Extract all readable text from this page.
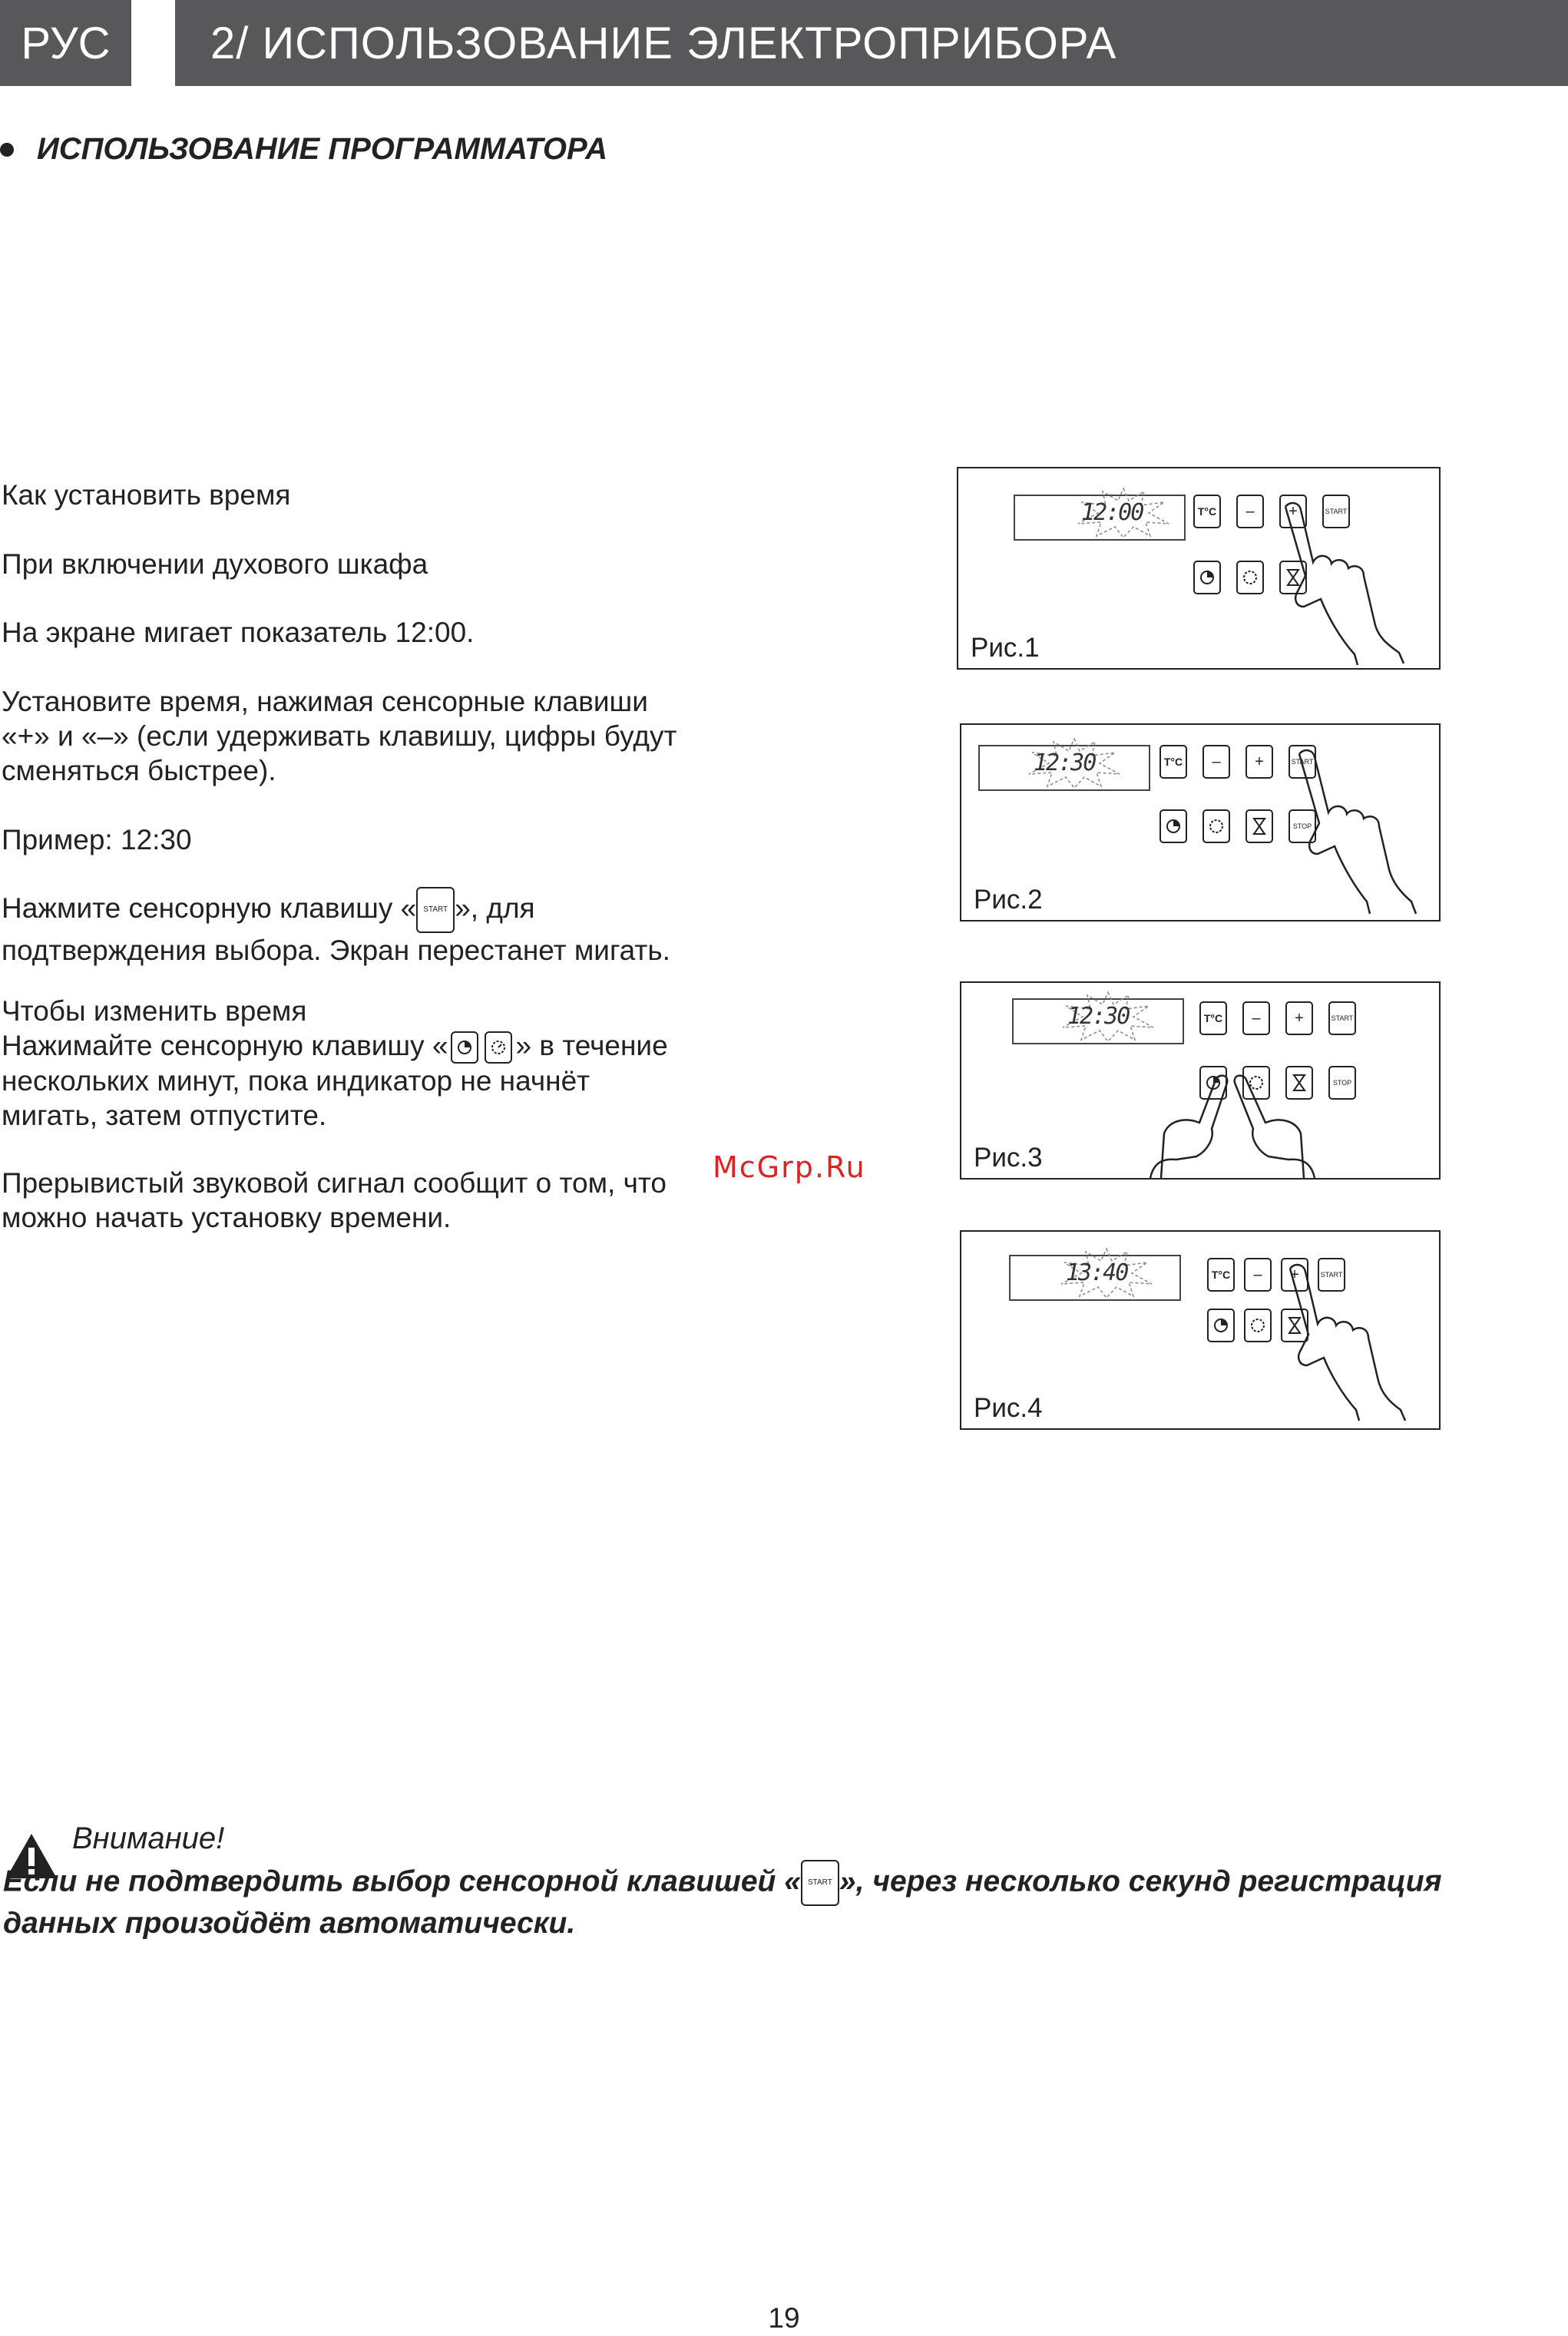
РУС	2/ ИСПОЛЬЗОВАНИЕ ЭЛЕКТРОПРИБОРА
ИСПОЛЬЗОВАНИЕ ПРОГРАММАТОРА
Как установить время
При включении духового шкафа
На экране мигает показатель 12:00.
Установите время, нажимая сенсорные клавиши
«+» и «–» (если удерживать клавишу, цифры будут
сменяться быстрее).
Пример: 12:30
Нажмите сенсорную клавишу « START », для
подтверждения выбора. Экран перестанет мигать.
Чтобы изменить время
Нажимайте сенсорную клавишу « » в течение
нескольких минут, пока индикатор не начнёт
мигать, затем отпустите.
Прерывистый звуковой сигнал сообщит о том, что
можно начать установку времени.
McGrp.Ru
12:00	T°C – +	START
Рис.1
12:30	T°C – +	START
STOP
Рис.2
12:30	T°C – +	START
STOP
Рис.3
13:40	T°C – +	START
Рис.4
Внимание!
Если не подтвердить выбор сенсорной клавишей « START », через несколько секунд регистрация
данных произойдёт автоматически.
19
